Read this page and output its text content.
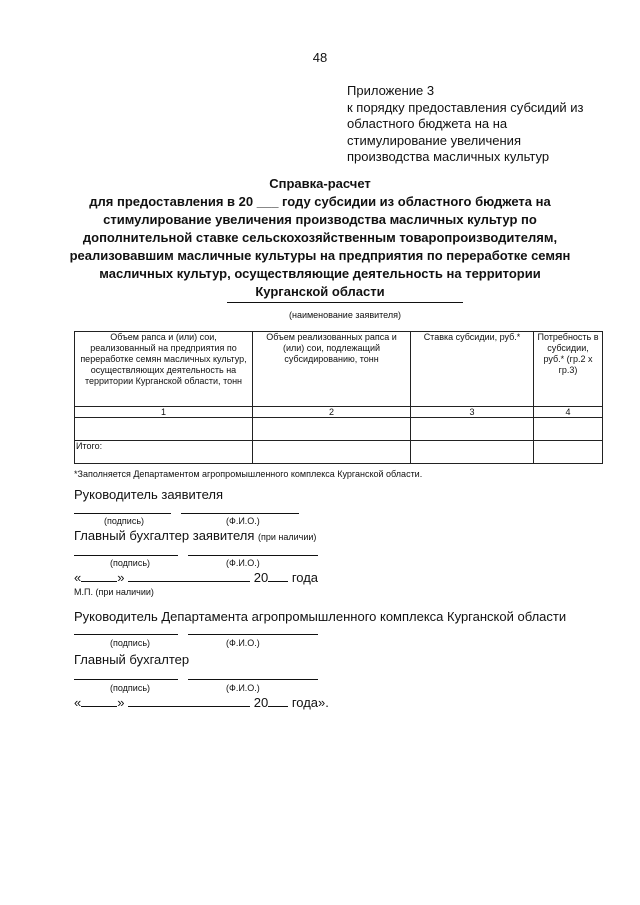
48
Приложение 3
к порядку предоставления субсидий из
областного бюджета на на
стимулирование увеличения
производства масличных культур
Справка-расчет
для предоставления в 20 ___ году субсидии из областного бюджета на
стимулирование увеличения производства масличных культур по
дополнительной ставке сельскохозяйственным товаропроизводителям,
реализовавшим масличные культуры на предприятия по переработке семян
масличных культур, осуществляющие деятельность на территории
Курганской области
(наименование заявителя)
Объем рапса и (или) сои, реализованный на предприятия по переработке семян масличных культур, осуществляющих деятельность на территории Курганской области, тонн	Объем реализованных рапса и (или) сои, подлежащий субсидированию, тонн	Ставка субсидии, руб.*	Потребность в субсидии, руб.* (гр.2 x гр.3)
1	2	3	4

Итого:			
*Заполняется Департаментом агропромышленного комплекса Курганской области.
Руководитель заявителя
(подпись)	(Ф.И.О.)
Главный бухгалтер заявителя (при наличии)
(подпись)	(Ф.И.О.)
«	»	20 года
М.П. (при наличии)
Руководитель Департамента агропромышленного комплекса Курганской области
(подпись)	(Ф.И.О.)
Главный бухгалтер
(подпись)	(Ф.И.О.)
«	»	20 года».
